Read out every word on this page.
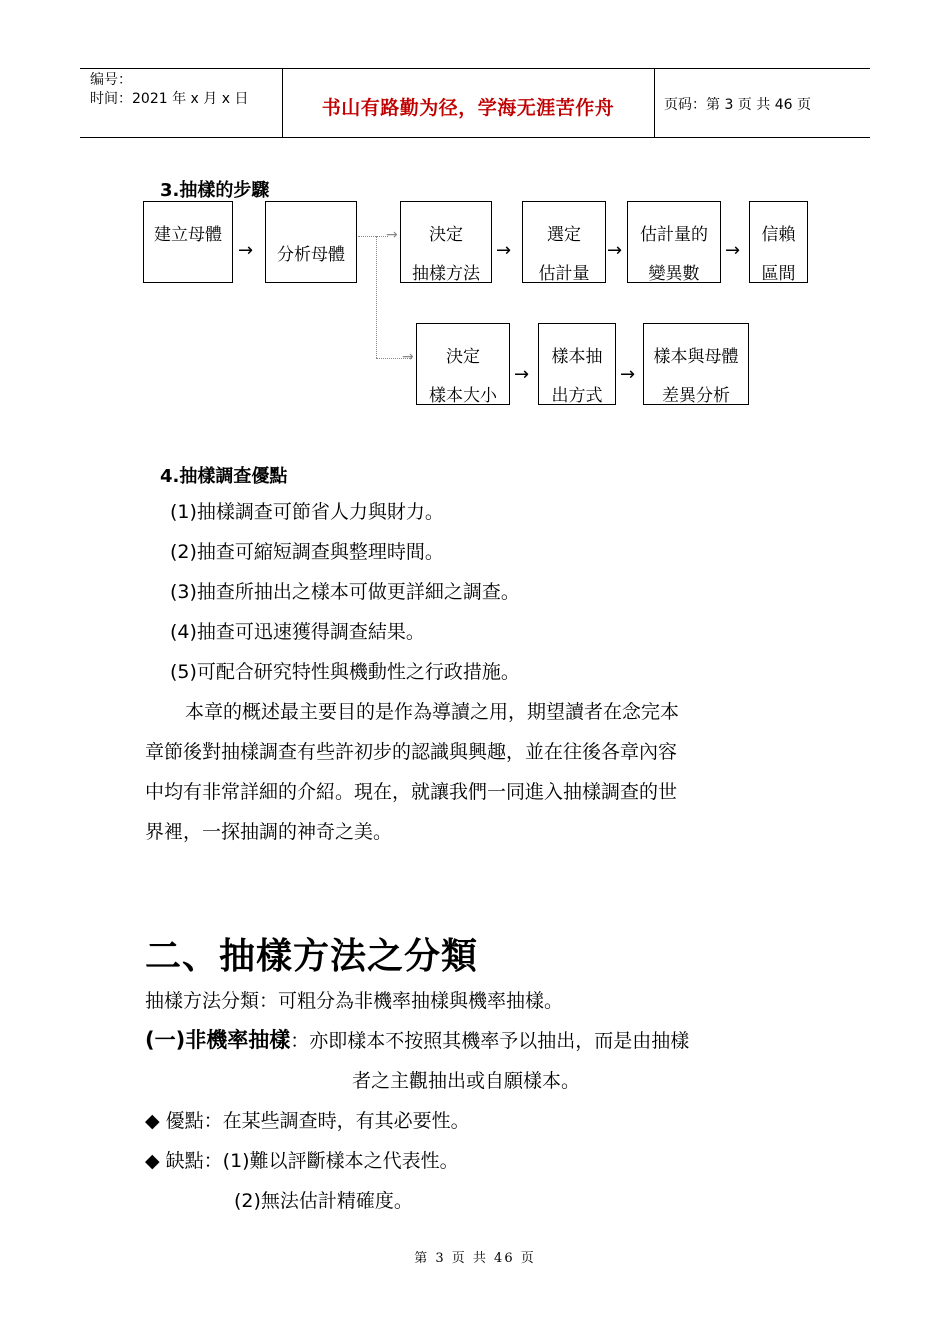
编号：
时间：2021 年 x 月 x 日	书山有路勤为径，学海无涯苦作舟	页码：第 3 页 共 46 页
3.抽樣的步驟
建立母體
→	分析母體
→
→
決定
抽樣方法
→
選定
估計量
→
估計量的
變異數
→
信賴
區間
決定
樣本大小
→
樣本抽
出方式
→
樣本與母體
差異分析
4.抽樣調查優點
(1)抽樣調查可節省人力與財力。
(2)抽查可縮短調查與整理時間。
(3)抽查所抽出之樣本可做更詳細之調查。
(4)抽查可迅速獲得調查結果。
(5)可配合研究特性與機動性之行政措施。
本章的概述最主要目的是作為導讀之用，期望讀者在念完本
章節後對抽樣調查有些許初步的認識與興趣，並在往後各章內容
中均有非常詳細的介紹。現在，就讓我們一同進入抽樣調查的世
界裡，一探抽調的神奇之美。
二、抽樣方法之分類
抽樣方法分類：可粗分為非機率抽樣與機率抽樣。
(一)非機率抽樣：亦即樣本不按照其機率予以抽出，而是由抽樣
者之主觀抽出或自願樣本。
◆ 優點：在某些調查時，有其必要性。
◆ 缺點：(1)難以評斷樣本之代表性。
(2)無法估計精確度。
第 3 页 共 46 页
